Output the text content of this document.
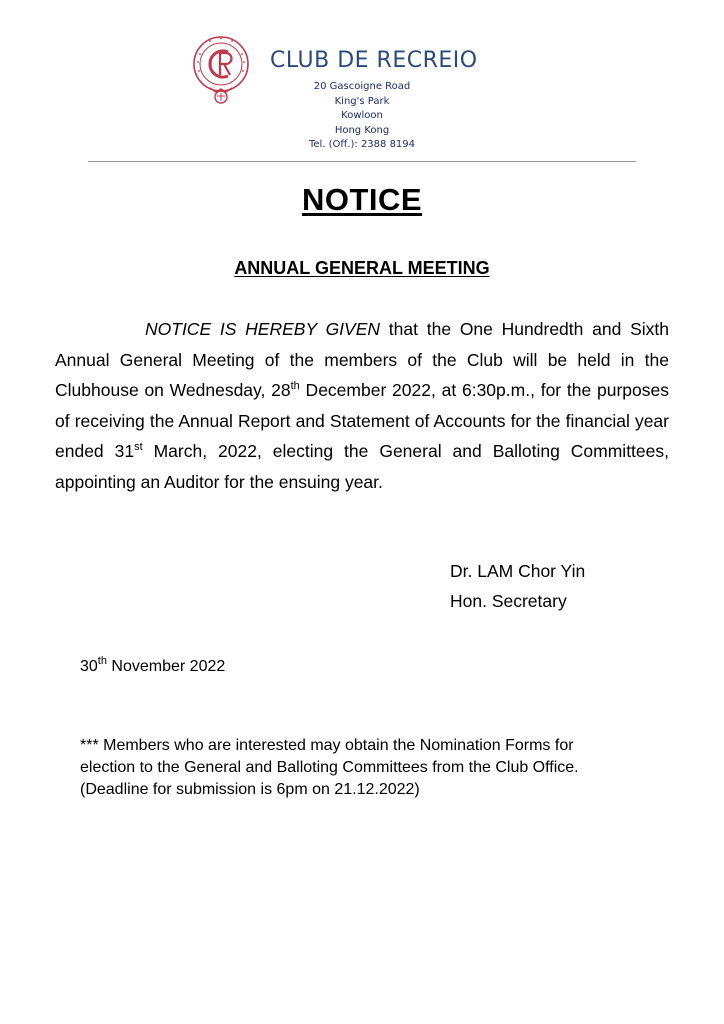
CLUB DE RECREIO
20 Gascoigne Road
King's Park
Kowloon
Hong Kong
Tel. (Off.): 2388 8194
NOTICE
ANNUAL GENERAL MEETING
NOTICE IS HEREBY GIVEN that the One Hundredth and Sixth Annual General Meeting of the members of the Club will be held in the Clubhouse on Wednesday, 28th December 2022, at 6:30p.m., for the purposes of receiving the Annual Report and Statement of Accounts for the financial year ended 31st March, 2022, electing the General and Balloting Committees, appointing an Auditor for the ensuing year.
Dr. LAM Chor Yin
Hon. Secretary
30th November 2022
*** Members who are interested may obtain the Nomination Forms for
election to the General and Balloting Committees from the Club Office.
(Deadline for submission is 6pm on 21.12.2022)
